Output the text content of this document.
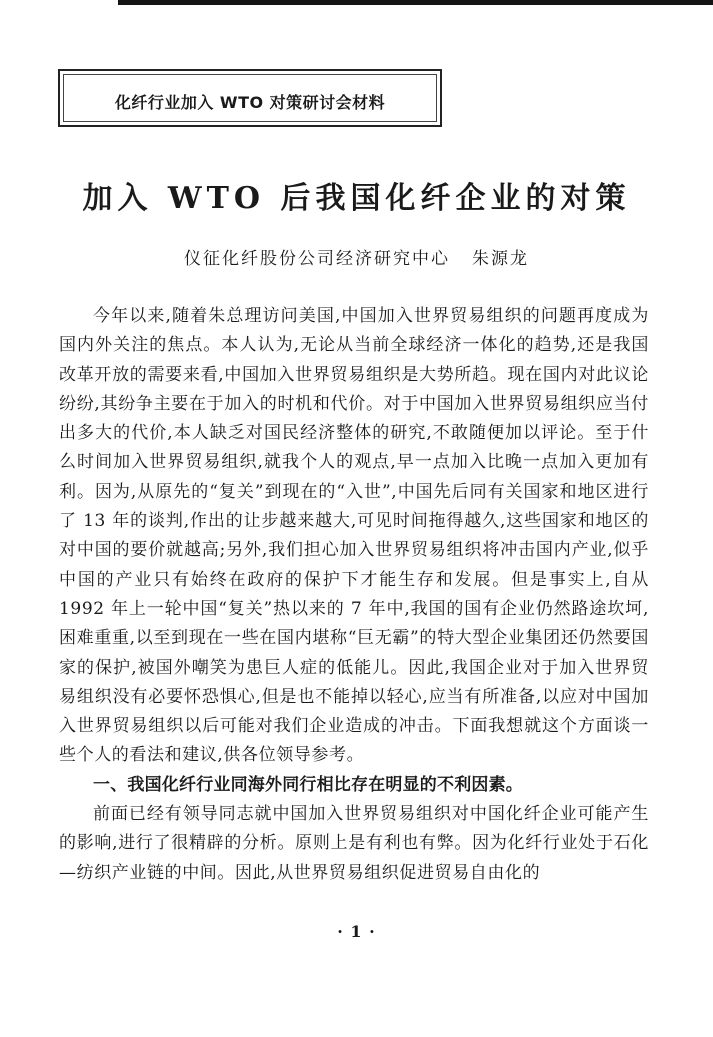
化纤行业加入 WTO 对策研讨会材料
加入 WTO 后我国化纤企业的对策
仪征化纤股份公司经济研究中心 朱源龙

今年以来,随着朱总理访问美国,中国加入世界贸易组织的问题再度成为国内外关注的焦点。本人认为,无论从当前全球经济一体化的趋势,还是我国改革开放的需要来看,中国加入世界贸易组织是大势所趋。现在国内对此议论纷纷,其纷争主要在于加入的时机和代价。对于中国加入世界贸易组织应当付出多大的代价,本人缺乏对国民经济整体的研究,不敢随便加以评论。至于什么时间加入世界贸易组织,就我个人的观点,早一点加入比晚一点加入更加有利。因为,从原先的“复关”到现在的“入世”,中国先后同有关国家和地区进行了 13 年的谈判,作出的让步越来越大,可见时间拖得越久,这些国家和地区的对中国的要价就越高;另外,我们担心加入世界贸易组织将冲击国内产业,似乎中国的产业只有始终在政府的保护下才能生存和发展。但是事实上,自从 1992 年上一轮中国“复关”热以来的 7 年中,我国的国有企业仍然路途坎坷,困难重重,以至到现在一些在国内堪称“巨无霸”的特大型企业集团还仍然要国家的保护,被国外嘲笑为患巨人症的低能儿。因此,我国企业对于加入世界贸易组织没有必要怀恐惧心,但是也不能掉以轻心,应当有所准备,以应对中国加入世界贸易组织以后可能对我们企业造成的冲击。下面我想就这个方面谈一些个人的看法和建议,供各位领导参考。

一、我国化纤行业同海外同行相比存在明显的不利因素。

前面已经有领导同志就中国加入世界贸易组织对中国化纤企业可能产生的影响,进行了很精辟的分析。原则上是有利也有弊。因为化纤行业处于石化—纺织产业链的中间。因此,从世界贸易组织促进贸易自由化的

· 1 ·
